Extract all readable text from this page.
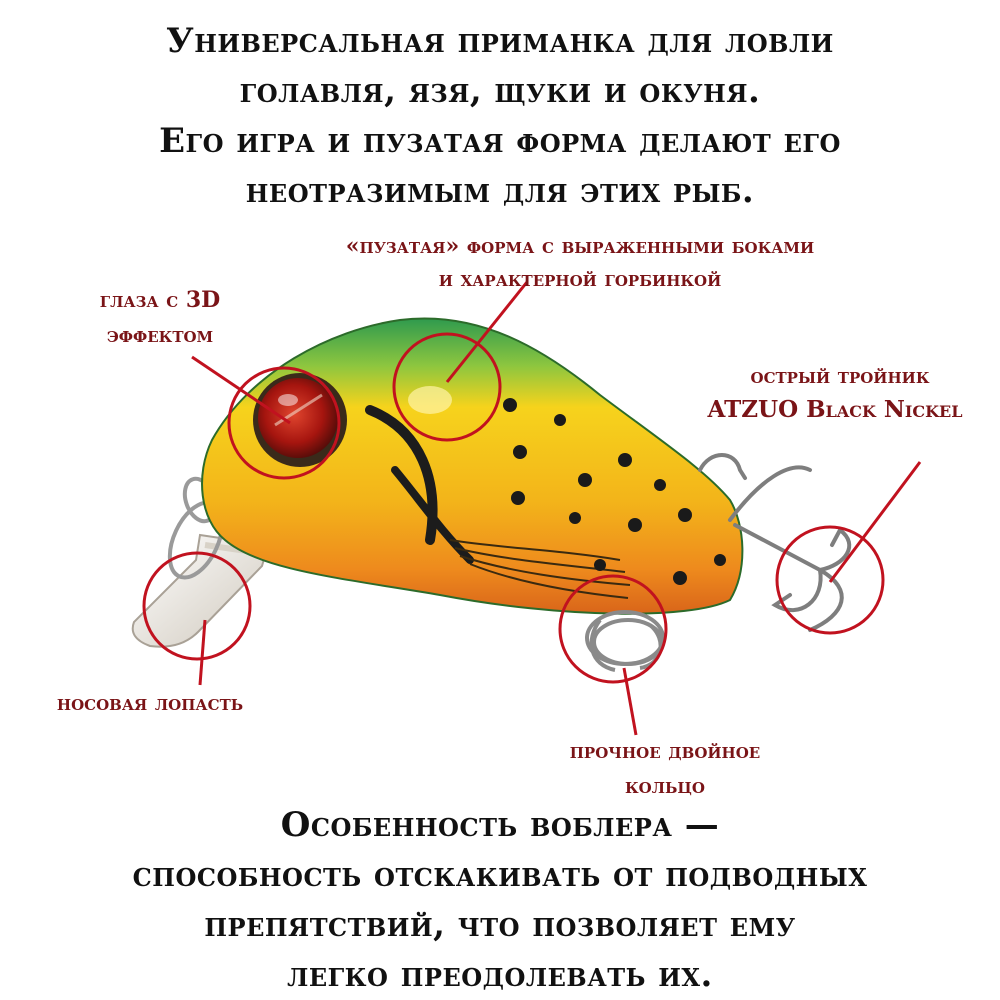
Универсальная приманка для ловли
голавля, язя, щуки и окуня.
Его игра и пузатая форма делают его
неотразимым для этих рыб.
«пузатая» форма с выраженными боками
и характерной горбинкой
глаза с 3D
эффектом
острый тройник
ATZUO Black Nickel
носовая лопасть
прочное двойное
кольцо
Особенность воблера —
способность отскакивать от подводных
препятствий, что позволяет ему
легко преодолевать их.
